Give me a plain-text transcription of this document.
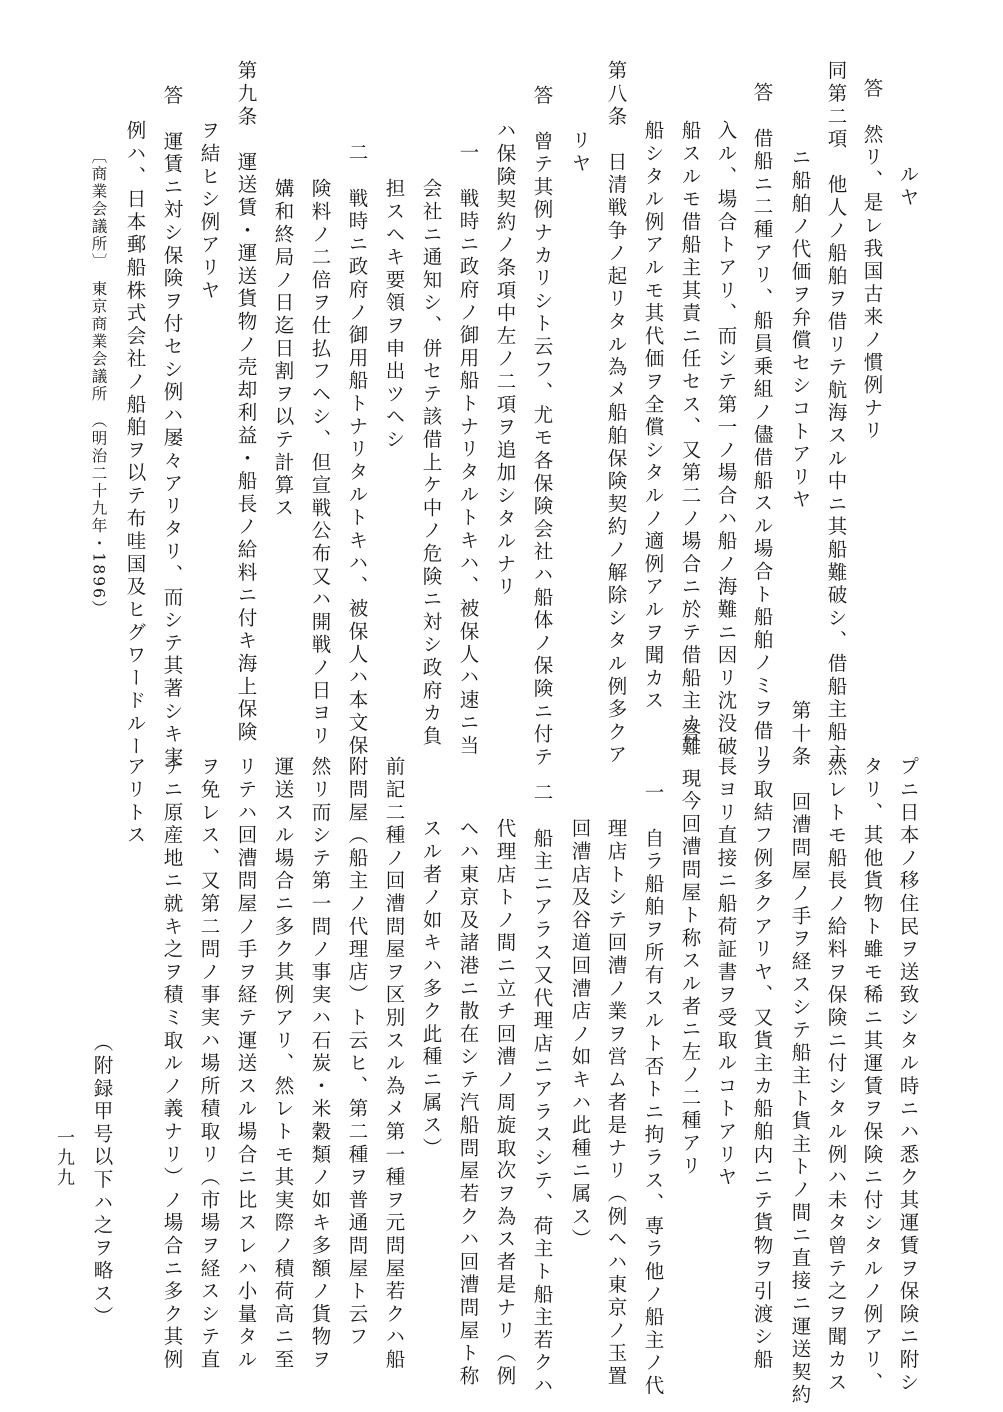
ルヤ
答　然リ、是レ我国古来ノ慣例ナリ
同第二項　他人ノ船舶ヲ借リテ航海スル中ニ其船難破シ、借船主船主
ニ船舶ノ代価ヲ弁償セシコトアリヤ
答　借船ニ二種アリ、船員乗組ノ儘借船スル場合ト船舶ノミヲ借リ
入ル、場合トアリ、而シテ第一ノ場合ハ船ノ海難ニ因リ沈没破
船スルモ借船主其責ニ任セス、又第二ノ場合ニ於テ借船主カ難
船シタル例アルモ其代価ヲ全償シタルノ適例アルヲ聞カス
第八条　日清戦争ノ起リタル為メ船舶保険契約ノ解除シタル例多クア
リヤ
答　曾テ其例ナカリシト云フ、尤モ各保険会社ハ船体ノ保険ニ付テ
ハ保険契約ノ条項中左ノ二項ヲ追加シタルナリ
一　戦時ニ政府ノ御用船トナリタルトキハ、被保人ハ速ニ当
会社ニ通知シ、併セテ該借上ケ中ノ危険ニ対シ政府カ負
担スヘキ要領ヲ申出ツヘシ
二　戦時ニ政府ノ御用船トナリタルトキハ、被保人ハ本文保
険料ノ二倍ヲ仕払フヘシ、但宣戦公布又ハ開戦ノ日ヨリ
媾和終局ノ日迄日割ヲ以テ計算ス
第九条　運送賃・運送貨物ノ売却利益・船長ノ給料ニ付キ海上保険
ヲ結ヒシ例アリヤ
答　運賃ニ対シ保険ヲ付セシ例ハ屡々アリタリ、而シテ其著シキ実
例ハ、日本郵船株式会社ノ船舶ヲ以テ布哇国及ヒグワードルー
〔商業会議所〕　東京商業会議所　（明治二十九年・1896）
プニ日本ノ移住民ヲ送致シタル時ニハ悉ク其運賃ヲ保険ニ附シ
タリ、其他貨物ト雖モ稀ニ其運賃ヲ保険ニ付シタルノ例アリ、
然レトモ船長ノ給料ヲ保険ニ付シタル例ハ未タ曾テ之ヲ聞カス
第十条　回漕問屋ノ手ヲ経スシテ船主ト貨主トノ間ニ直接ニ運送契約
ヲ取結フ例多クアリヤ、又貨主カ船舶内ニテ貨物ヲ引渡シ船
長ヨリ直接ニ船荷証書ヲ受取ルコトアリヤ
答　現今回漕問屋ト称スル者ニ左ノ二種アリ
一　自ラ船舶ヲ所有スルト否トニ拘ラス、専ラ他ノ船主ノ代
理店トシテ回漕ノ業ヲ営ム者是ナリ（例ヘハ東京ノ玉置
回漕店及谷道回漕店ノ如キハ此種ニ属ス）
二　船主ニアラス又代理店ニアラスシテ、荷主ト船主若クハ
代理店トノ間ニ立チ回漕ノ周旋取次ヲ為ス者是ナリ（例
ヘハ東京及諸港ニ散在シテ汽船問屋若クハ回漕問屋ト称
スル者ノ如キハ多ク此種ニ属ス）
前記二種ノ回漕問屋ヲ区別スル為メ第一種ヲ元問屋若クハ船
附問屋（船主ノ代理店）ト云ヒ、第二種ヲ普通問屋ト云フ
然リ而シテ第一問ノ事実ハ石炭・米穀類ノ如キ多額ノ貨物ヲ
運送スル場合ニ多ク其例アリ、然レトモ其実際ノ積荷高ニ至
リテハ回漕問屋ノ手ヲ経テ運送スル場合ニ比スレハ小量タル
ヲ免レス、又第二問ノ事実ハ場所積取リ（市場ヲ経スシテ直
チニ原産地ニ就キ之ヲ積ミ取ルノ義ナリ）ノ場合ニ多ク其例
アリトス
（附録甲号以下ハ之ヲ略ス）
一九九
